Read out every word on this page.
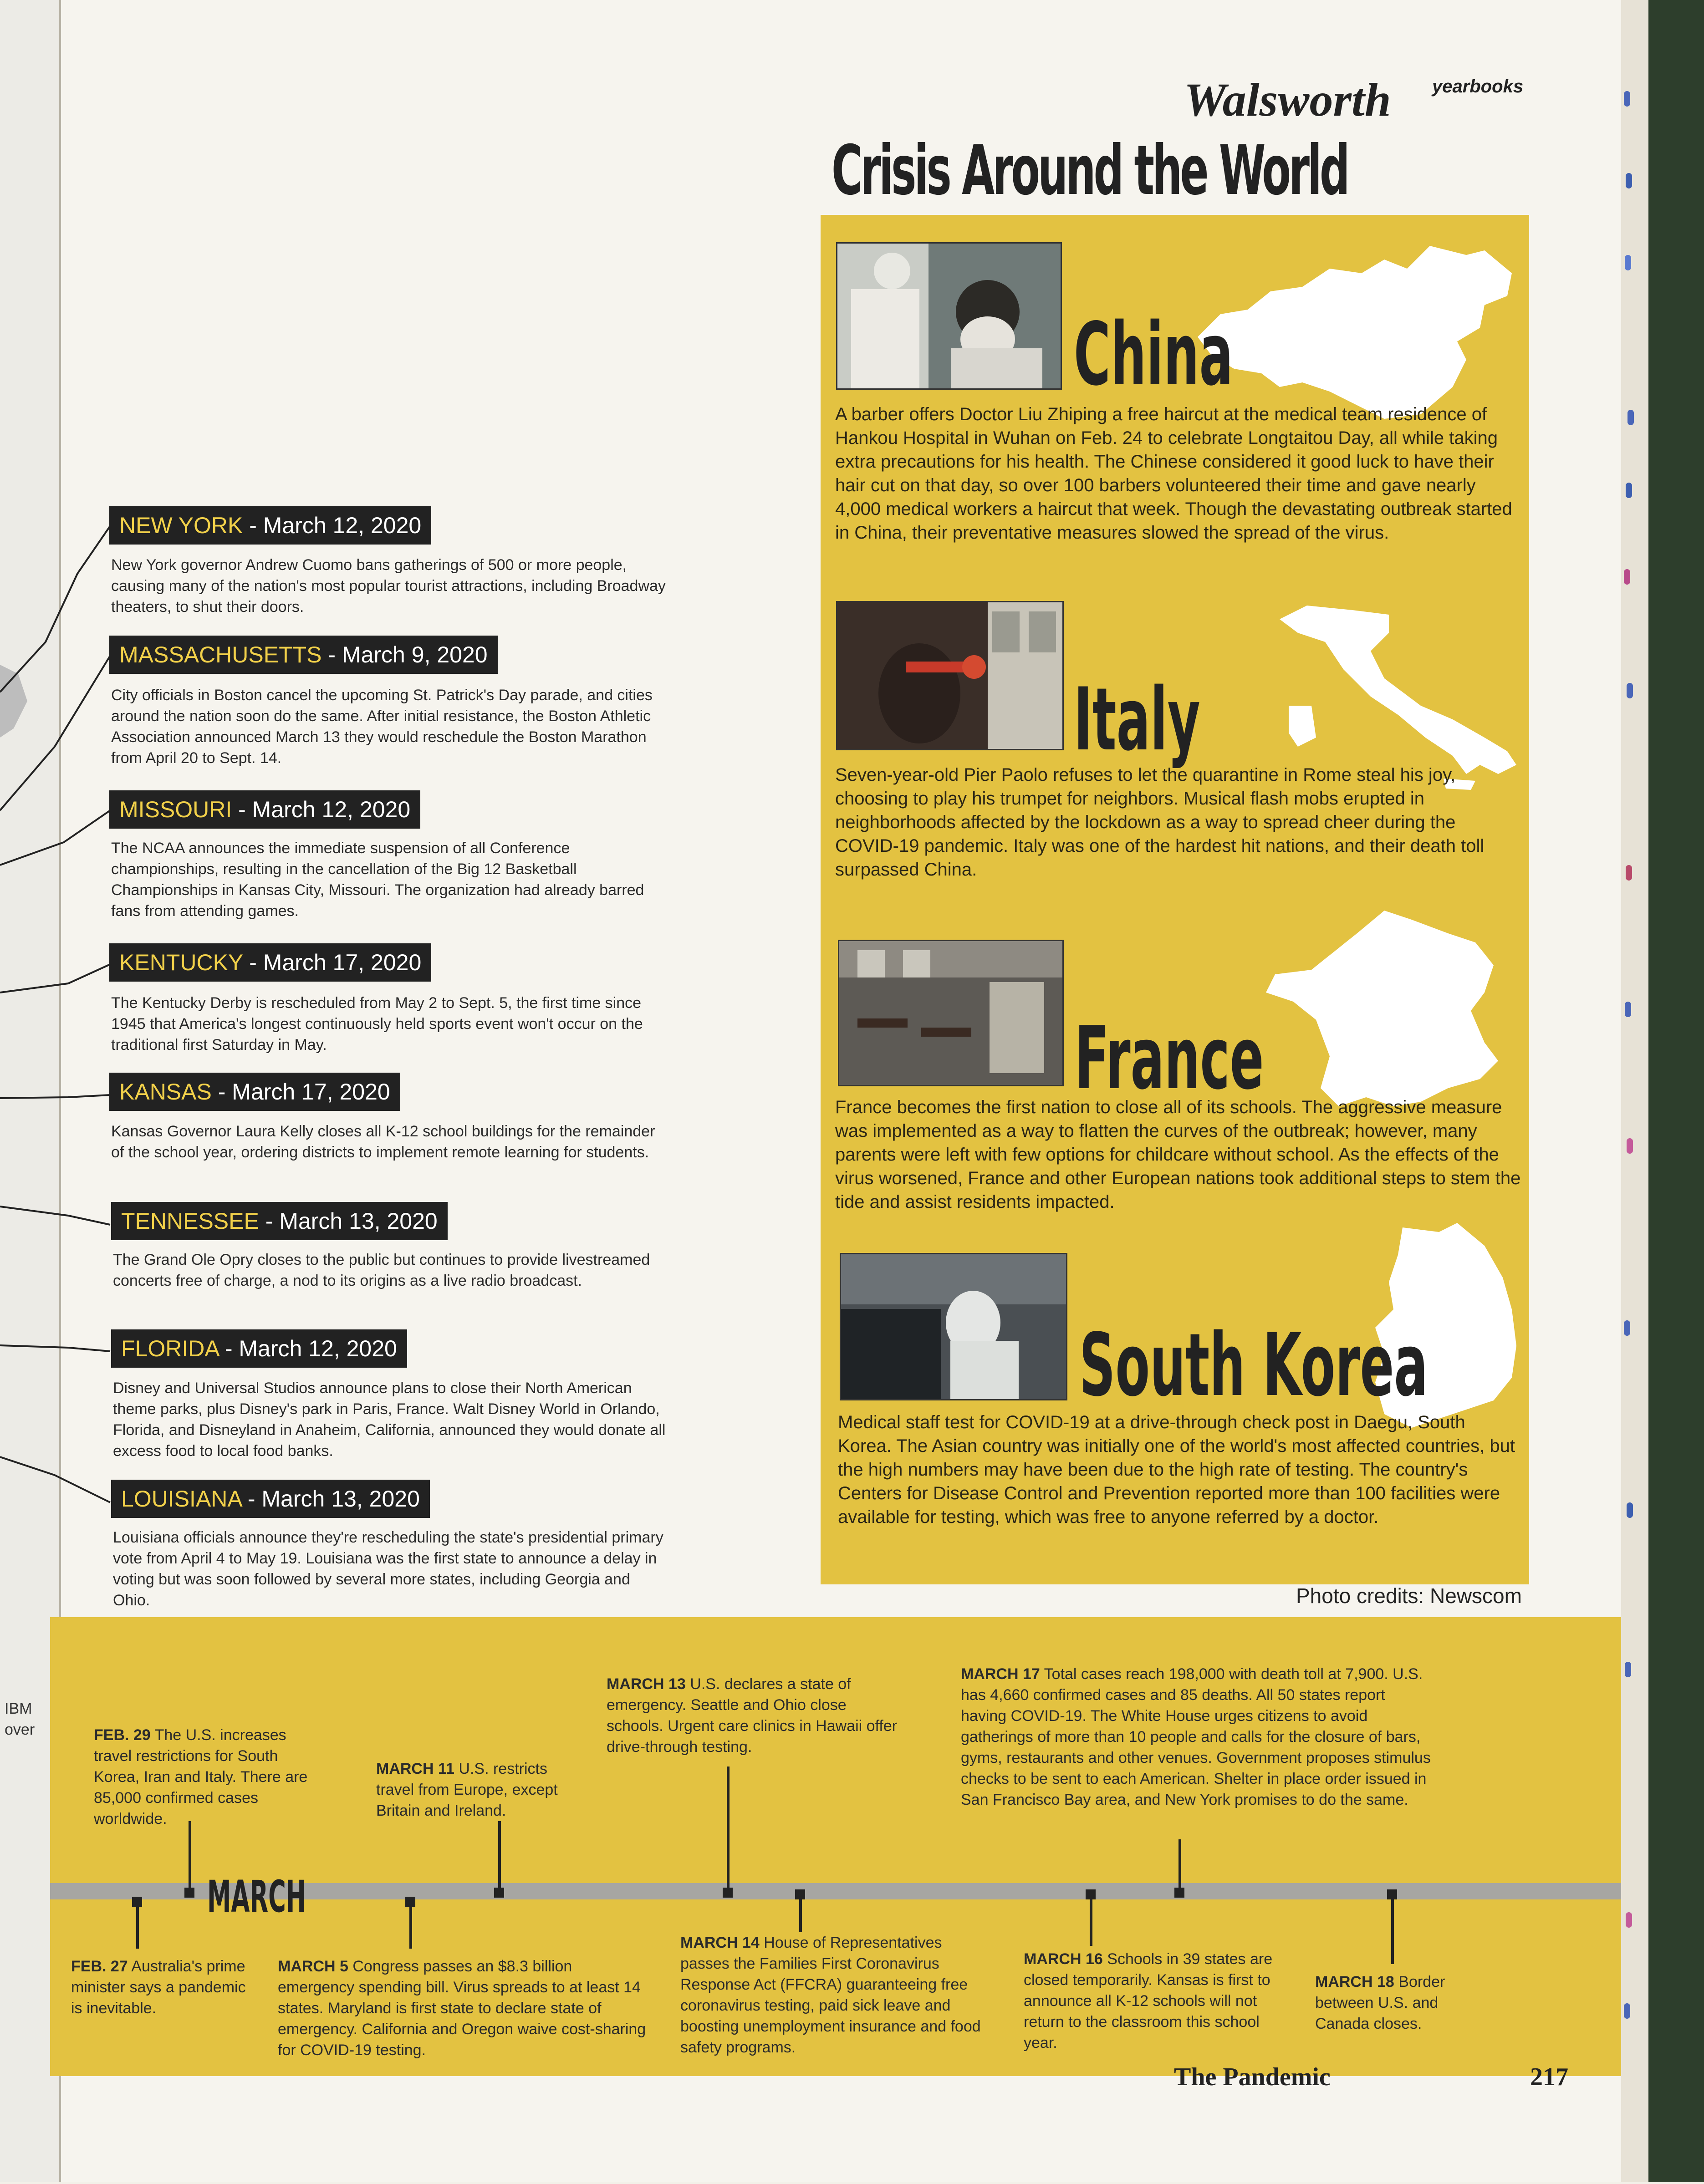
IBM
over
Walsworth yearbooks
Crisis Around the World
China
A barber offers Doctor Liu Zhiping a free haircut at the medical team residence of Hankou Hospital in Wuhan on Feb. 24 to celebrate Longtaitou Day, all while taking extra precautions for his health. The Chinese considered it good luck to have their hair cut on that day, so over 100 barbers volunteered their time and gave nearly 4,000 medical workers a haircut that week. Though the devastating outbreak started in China, their preventative measures slowed the spread of the virus.
Italy
Seven-year-old Pier Paolo refuses to let the quarantine in Rome steal his joy, choosing to play his trumpet for neighbors. Musical flash mobs erupted in neighborhoods affected by the lockdown as a way to spread cheer during the COVID-19 pandemic. Italy was one of the hardest hit nations, and their death toll surpassed China.
France
France becomes the first nation to close all of its schools. The aggressive measure was implemented as a way to flatten the curves of the outbreak; however, many parents were left with few options for childcare without school. As the effects of the virus worsened, France and other European nations took additional steps to stem the tide and assist residents impacted.
South Korea
Medical staff test for COVID-19 at a drive-through check post in Daegu, South Korea. The Asian country was initially one of the world's most affected countries, but the high numbers may have been due to the high rate of testing. The country's Centers for Disease Control and Prevention reported more than 100 facilities were available for testing, which was free to anyone referred by a doctor.
Photo credits: Newscom
NEW YORK - March 12, 2020
New York governor Andrew Cuomo bans gatherings of 500 or more people, causing many of the nation's most popular tourist attractions, including Broadway theaters, to shut their doors.
MASSACHUSETTS - March 9, 2020
City officials in Boston cancel the upcoming St. Patrick's Day parade, and cities around the nation soon do the same. After initial resistance, the Boston Athletic Association announced March 13 they would reschedule the Boston Marathon from April 20 to Sept. 14.
MISSOURI - March 12, 2020
The NCAA announces the immediate suspension of all Conference championships, resulting in the cancellation of the Big 12 Basketball Championships in Kansas City, Missouri. The organization had already barred fans from attending games.
KENTUCKY - March 17, 2020
The Kentucky Derby is rescheduled from May 2 to Sept. 5, the first time since 1945 that America's longest continuously held sports event won't occur on the traditional first Saturday in May.
KANSAS - March 17, 2020
Kansas Governor Laura Kelly closes all K-12 school buildings for the remainder of the school year, ordering districts to implement remote learning for students.
TENNESSEE - March 13, 2020
The Grand Ole Opry closes to the public but continues to provide livestreamed concerts free of charge, a nod to its origins as a live radio broadcast.
FLORIDA - March 12, 2020
Disney and Universal Studios announce plans to close their North American theme parks, plus Disney's park in Paris, France. Walt Disney World in Orlando, Florida, and Disneyland in Anaheim, California, announced they would donate all excess food to local food banks.
LOUISIANA - March 13, 2020
Louisiana officials announce they're rescheduling the state's presidential primary vote from April 4 to May 19. Louisiana was the first state to announce a delay in voting but was soon followed by several more states, including Georgia and Ohio.
MARCH
FEB. 29 The U.S. increases travel restrictions for South Korea, Iran and Italy. There are 85,000 confirmed cases worldwide.
MARCH 11 U.S. restricts travel from Europe, except Britain and Ireland.
MARCH 13 U.S. declares a state of emergency. Seattle and Ohio close schools. Urgent care clinics in Hawaii offer drive-through testing.
MARCH 17 Total cases reach 198,000 with death toll at 7,900. U.S. has 4,660 confirmed cases and 85 deaths. All 50 states report having COVID-19. The White House urges citizens to avoid gatherings of more than 10 people and calls for the closure of bars, gyms, restaurants and other venues. Government proposes stimulus checks to be sent to each American. Shelter in place order issued in San Francisco Bay area, and New York promises to do the same.
FEB. 27 Australia's prime minister says a pandemic is inevitable.
MARCH 5 Congress passes an $8.3 billion emergency spending bill. Virus spreads to at least 14 states. Maryland is first state to declare state of emergency. California and Oregon waive cost-sharing for COVID-19 testing.
MARCH 14 House of Representatives passes the Families First Coronavirus Response Act (FFCRA) guaranteeing free coronavirus testing, paid sick leave and boosting unemployment insurance and food safety programs.
MARCH 16 Schools in 39 states are closed temporarily. Kansas is first to announce all K-12 schools will not return to the classroom this school year.
MARCH 18 Border between U.S. and Canada closes.
The Pandemic	217
